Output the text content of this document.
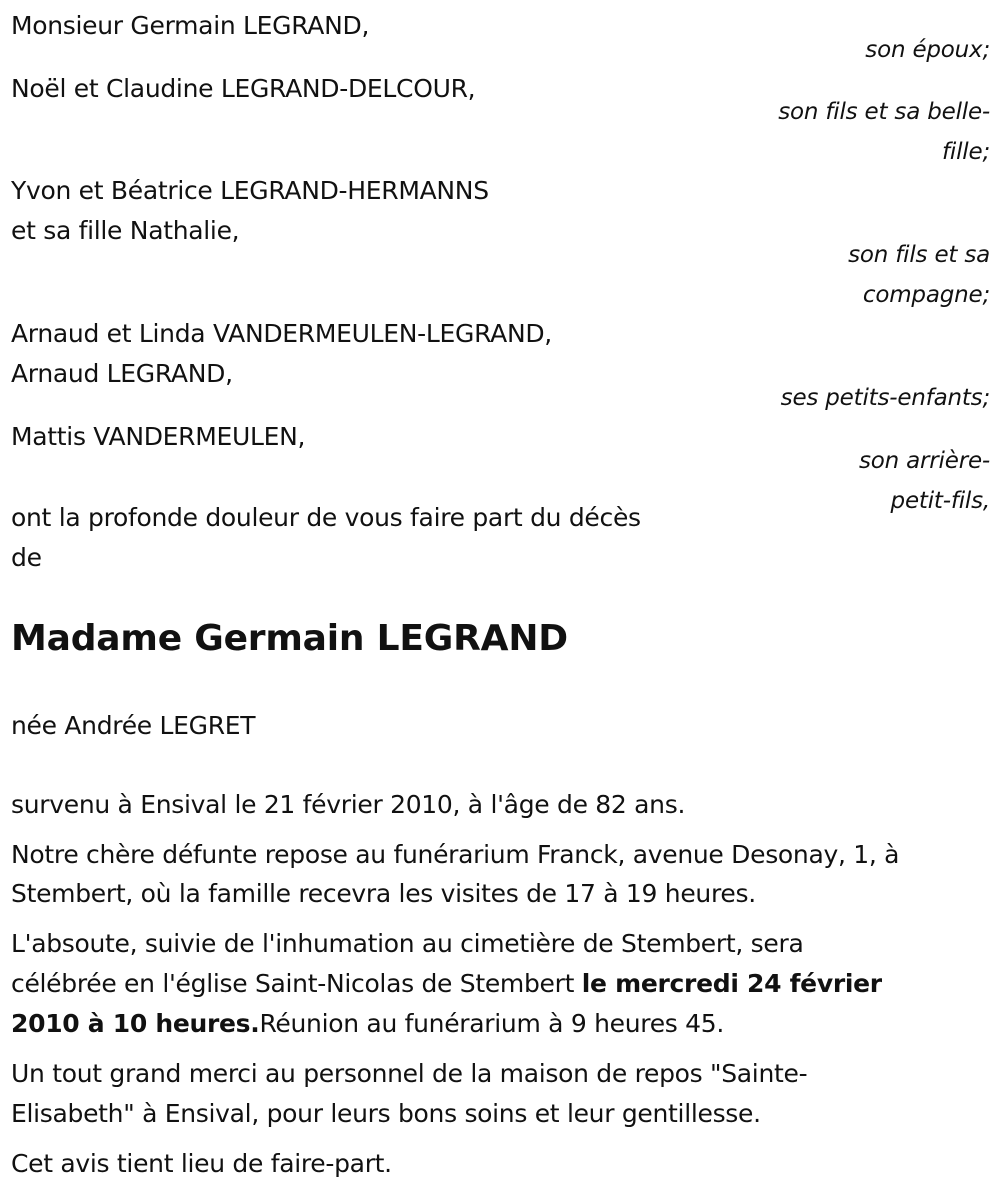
Monsieur Germain LEGRAND,
son époux;
Noël et Claudine LEGRAND-DELCOUR,
son fils et sa belle-
fille;
Yvon et Béatrice LEGRAND-HERMANNS
et sa fille Nathalie,
son fils et sa
compagne;
Arnaud et Linda VANDERMEULEN-LEGRAND,
Arnaud LEGRAND,
ses petits-enfants;
Mattis VANDERMEULEN,
son arrière-
petit-fils,
ont la profonde douleur de vous faire part du décès
de
Madame Germain LEGRAND
née Andrée LEGRET
survenu à Ensival le 21 février 2010, à l'âge de 82 ans.
Notre chère défunte repose au funérarium Franck, avenue Desonay, 1, à
Stembert, où la famille recevra les visites de 17 à 19 heures.
L'absoute, suivie de l'inhumation au cimetière de Stembert, sera
célébrée en l'église Saint-Nicolas de Stembert le mercredi 24 février
2010 à 10 heures.Réunion au funérarium à 9 heures 45.
Un tout grand merci au personnel de la maison de repos "Sainte-
Elisabeth" à Ensival, pour leurs bons soins et leur gentillesse.
Cet avis tient lieu de faire-part.
